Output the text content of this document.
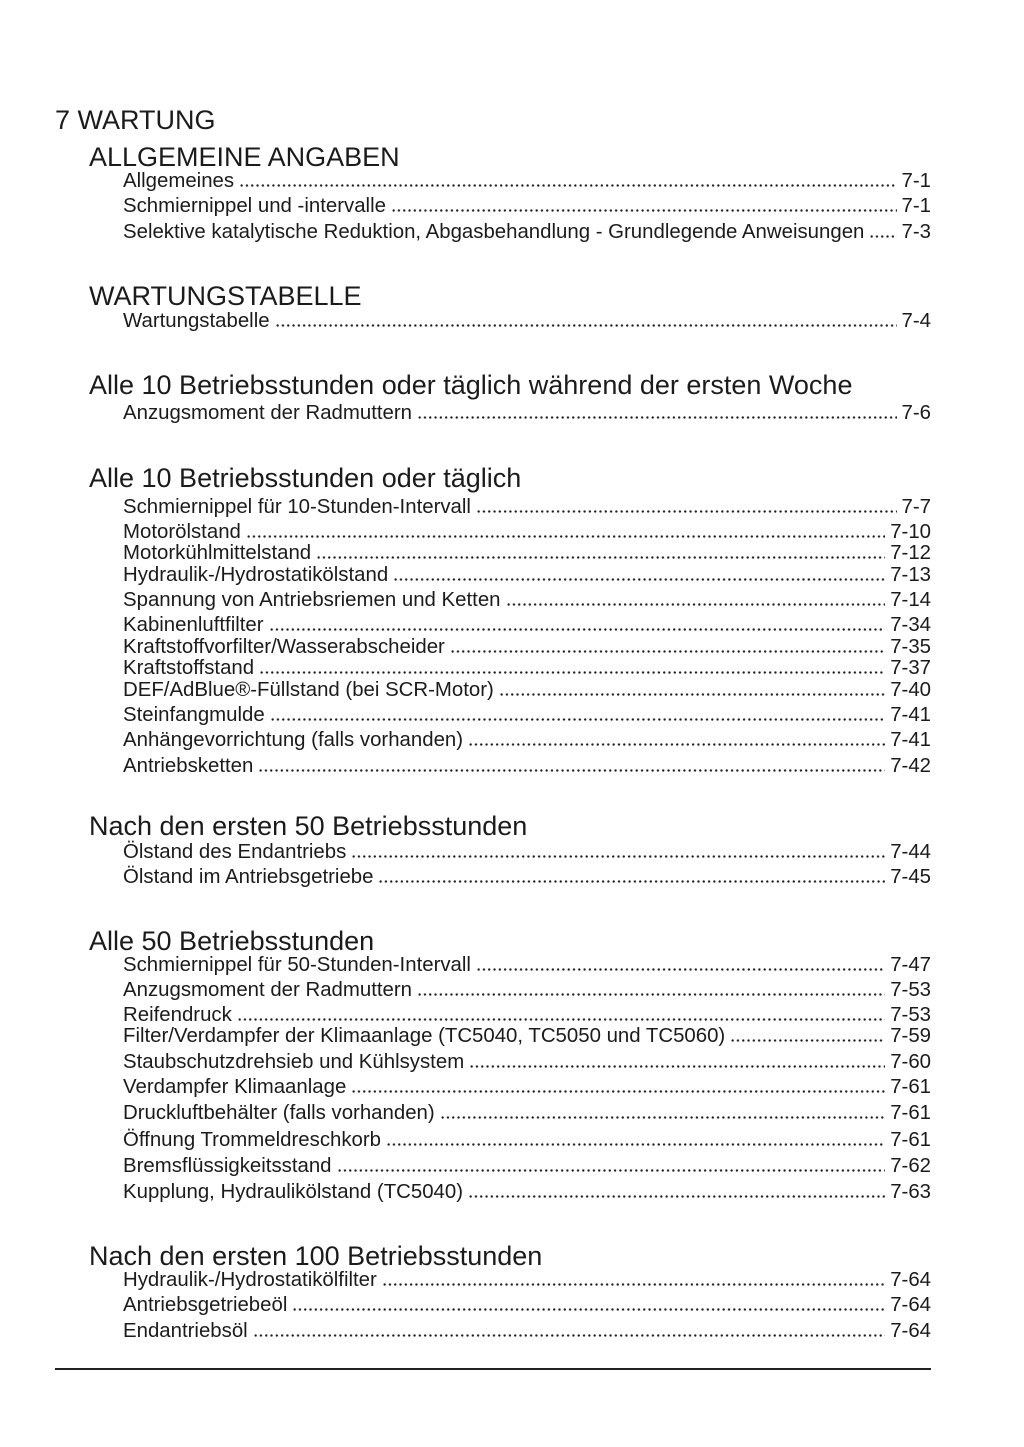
7 WARTUNG
ALLGEMEINE ANGABEN
Allgemeines	7-1
Schmiernippel und -intervalle	7-1
Selektive katalytische Reduktion, Abgasbehandlung - Grundlegende Anweisungen 7-3
WARTUNGSTABELLE
Wartungstabelle	7-4
Alle 10 Betriebsstunden oder täglich während der ersten Woche
Anzugsmoment der Radmuttern	7-6
Alle 10 Betriebsstunden oder täglich
Schmiernippel für 10-Stunden-Intervall	7-7
Motorölstand	7-10
Motorkühlmittelstand	7-12
Hydraulik-/Hydrostatikölstand	7-13
Spannung von Antriebsriemen und Ketten	7-14
Kabinenluftfilter	7-34
Kraftstoffvorfilter/Wasserabscheider	7-35
Kraftstoffstand	7-37
DEF/AdBlue®-Füllstand (bei SCR-Motor)	7-40
Steinfangmulde	7-41
Anhängevorrichtung (falls vorhanden)	7-41
Antriebsketten	7-42
Nach den ersten 50 Betriebsstunden
Ölstand des Endantriebs	7-44
Ölstand im Antriebsgetriebe	7-45
Alle 50 Betriebsstunden
Schmiernippel für 50-Stunden-Intervall	7-47
Anzugsmoment der Radmuttern	7-53
Reifendruck	7-53
Filter/Verdampfer der Klimaanlage (TC5040, TC5050 und TC5060)	7-59
Staubschutzdrehsieb und Kühlsystem	7-60
Verdampfer Klimaanlage	7-61
Druckluftbehälter (falls vorhanden)	7-61
Öffnung Trommeldreschkorb	7-61
Bremsflüssigkeitsstand	7-62
Kupplung, Hydraulikölstand (TC5040)	7-63
Nach den ersten 100 Betriebsstunden
Hydraulik-/Hydrostatikölfilter	7-64
Antriebsgetriebeöl	7-64
Endantriebsöl	7-64
